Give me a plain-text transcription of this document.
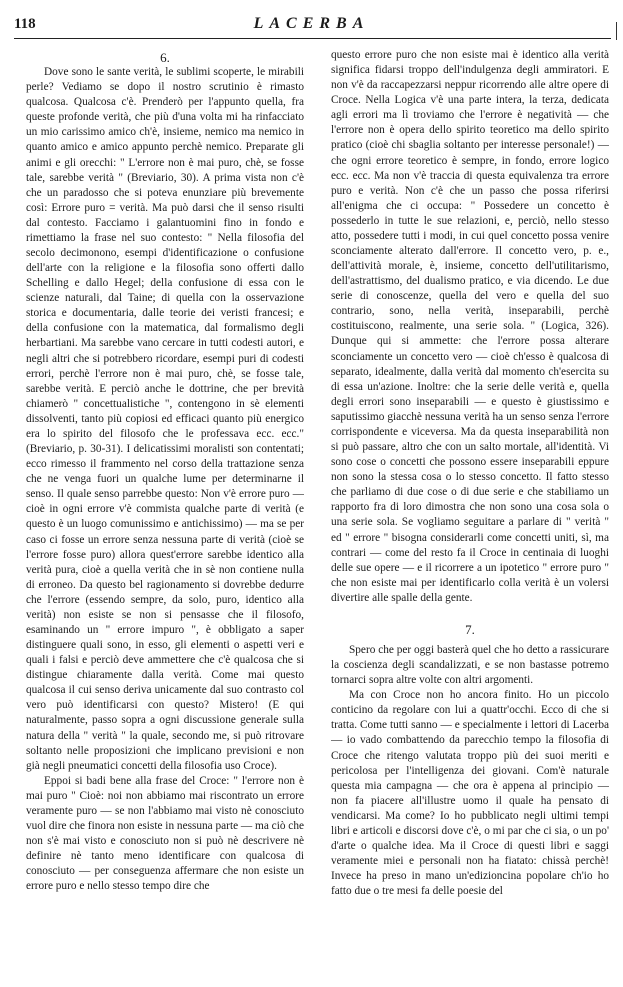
118	LACERBA

6.

Dove sono le sante verità, le sublimi scoperte, le mirabili perle? Vediamo se dopo il nostro scrutinio è rimasto qualcosa. Qualcosa c'è. Prenderò per l'appunto quella, fra queste profonde verità, che più d'una volta mi ha rinfacciato un mio carissimo amico ch'è, insieme, nemico ma nemico in quanto amico e amico appunto perchè nemico. Preparate gli animi e gli orecchi: " L'errore non è mai puro, chè, se fosse tale, sarebbe verità " (Breviario, 30). A prima vista non c'è che un paradosso che si poteva enunziare più brevemente così: Errore puro = verità. Ma può darsi che il senso risulti dal contesto. Facciamo i galantuomini fino in fondo e rimettiamo la frase nel suo contesto: " Nella filosofia del secolo decimonono, esempi d'identificazione o confusione dell'arte con la religione e la filosofia sono offerti dallo Schelling e dallo Hegel; della confusione di essa con le scienze naturali, dal Taine; di quella con la osservazione storica e documentaria, dalle teorie dei veristi francesi; e della confusione con la matematica, dal formalismo degli herbartiani. Ma sarebbe vano cercare in tutti codesti autori, e negli altri che si potrebbero ricordare, esempi puri di codesti errori, perchè l'errore non è mai puro, chè, se fosse tale, sarebbe verità. E perciò anche le dottrine, che per brevità chiamerò " concettualistiche ", contengono in sè elementi dissolventi, tanto più copiosi ed efficaci quanto più energico era lo spirito del filosofo che le professava ecc. ecc." (Breviario, p. 30-31). I delicatissimi moralisti son contentati; ecco rimesso il frammento nel corso della trattazione senza che ne venga fuori un qualche lume per determinarne il senso. Il quale senso parrebbe questo: Non v'è errore puro — cioè in ogni errore v'è commista qualche parte di verità (e questo è un luogo comunissimo e antichissimo) — ma se per caso ci fosse un errore senza nessuna parte di verità (cioè se l'errore fosse puro) allora quest'errore sarebbe identico alla verità pura, cioè a quella verità che in sè non contiene nulla di erroneo. Da questo bel ragionamento si dovrebbe dedurre che l'errore (essendo sempre, da solo, puro, identico alla verità) non esiste se non si pensasse che il filosofo, esaminando un " errore impuro ", è obbligato a saper distinguere quali sono, in esso, gli elementi o aspetti veri e quali i falsi e perciò deve ammettere che c'è qualcosa che si distingue chiaramente dalla verità. Come mai questo qualcosa il cui senso deriva unicamente dal suo contrasto col vero può identificarsi con questo? Mistero! (E qui naturalmente, passo sopra a ogni discussione generale sulla natura della " verità " la quale, secondo me, si può ritrovare soltanto nelle proposizioni che implicano previsioni e non già negli pneumatici concetti della filosofia uso Croce).

Eppoi si badi bene alla frase del Croce: " l'errore non è mai puro " Cioè: noi non abbiamo mai riscontrato un errore veramente puro — se non l'abbiamo mai visto nè conosciuto vuol dire che finora non esiste in nessuna parte — ma ciò che non s'è mai visto e conosciuto non si può nè descrivere nè definire nè tanto meno identificare con qualcosa di conosciuto — per conseguenza affermare che non esiste un errore puro e nello stesso tempo dire che

questo errore puro che non esiste mai è identico alla verità significa fidarsi troppo dell'indulgenza degli ammiratori. E non v'è da raccapezzarsi neppur ricorrendo alle altre opere di Croce. Nella Logica v'è una parte intera, la terza, dedicata agli errori ma lì troviamo che l'errore è negatività — che l'errore non è opera dello spirito teoretico ma dello spirito pratico (cioè chi sbaglia soltanto per interesse personale!) — che ogni errore teoretico è sempre, in fondo, errore logico ecc. ecc. Ma non v'è traccia di questa equivalenza tra errore puro e verità. Non c'è che un passo che possa riferirsi all'enigma che ci occupa: " Possedere un concetto è possederlo in tutte le sue relazioni, e, perciò, nello stesso atto, possedere tutti i modi, in cui quel concetto possa venire sconciamente alterato dall'errore. Il concetto vero, p. e., dell'attività morale, è, insieme, concetto dell'utilitarismo, dell'astrattismo, del dualismo pratico, e via dicendo. Le due serie di conoscenze, quella del vero e quella del suo contrario, sono, nella verità, inseparabili, perchè costituiscono, realmente, una serie sola. " (Logica, 326). Dunque qui si ammette: che l'errore possa alterare sconciamente un concetto vero — cioè ch'esso è qualcosa di separato, idealmente, dalla verità dal momento ch'esercita su di essa un'azione. Inoltre: che la serie delle verità e, quella degli errori sono inseparabili — e questo è giustissimo e saputissimo giacchè nessuna verità ha un senso senza l'errore corrispondente e viceversa. Ma da questa inseparabilità non si può passare, altro che con un salto mortale, all'identità. Vi sono cose o concetti che possono essere inseparabili eppure non sono la stessa cosa o lo stesso concetto. Il fatto stesso che parliamo di due cose o di due serie e che stabiliamo un rapporto fra di loro dimostra che non sono una cosa sola o una serie sola. Se vogliamo seguitare a parlare di " verità " ed " errore " bisogna considerarli come concetti uniti, sì, ma contrari — come del resto fa il Croce in centinaia di luoghi delle sue opere — e il ricorrere a un ipotetico " errore puro " che non esiste mai per identificarlo colla verità è un volersi divertire alle spalle della gente.

7.

Spero che per oggi basterà quel che ho detto a rassicurare la coscienza degli scandalizzati, e se non bastasse potremo tornarci sopra altre volte con altri argomenti.

Ma con Croce non ho ancora finito. Ho un piccolo conticino da regolare con lui a quattr'occhi. Ecco di che si tratta. Come tutti sanno — e specialmente i lettori di Lacerba — io vado combattendo da parecchio tempo la filosofia di Croce che ritengo valutata troppo più dei suoi meriti e pericolosa per l'intelligenza dei giovani. Com'è naturale questa mia campagna — che ora è appena al principio — non fa piacere all'illustre uomo il quale ha pensato di vendicarsi. Ma come? Io ho pubblicato negli ultimi tempi libri e articoli e discorsi dove c'è, o mi par che ci sia, o un po' d'arte o qualche idea. Ma il Croce di questi libri e saggi veramente miei e personali non ha fiatato: chissà perchè! Invece ha preso in mano un'edizioncina popolare ch'io ho fatto due o tre mesi fa delle poesie del
